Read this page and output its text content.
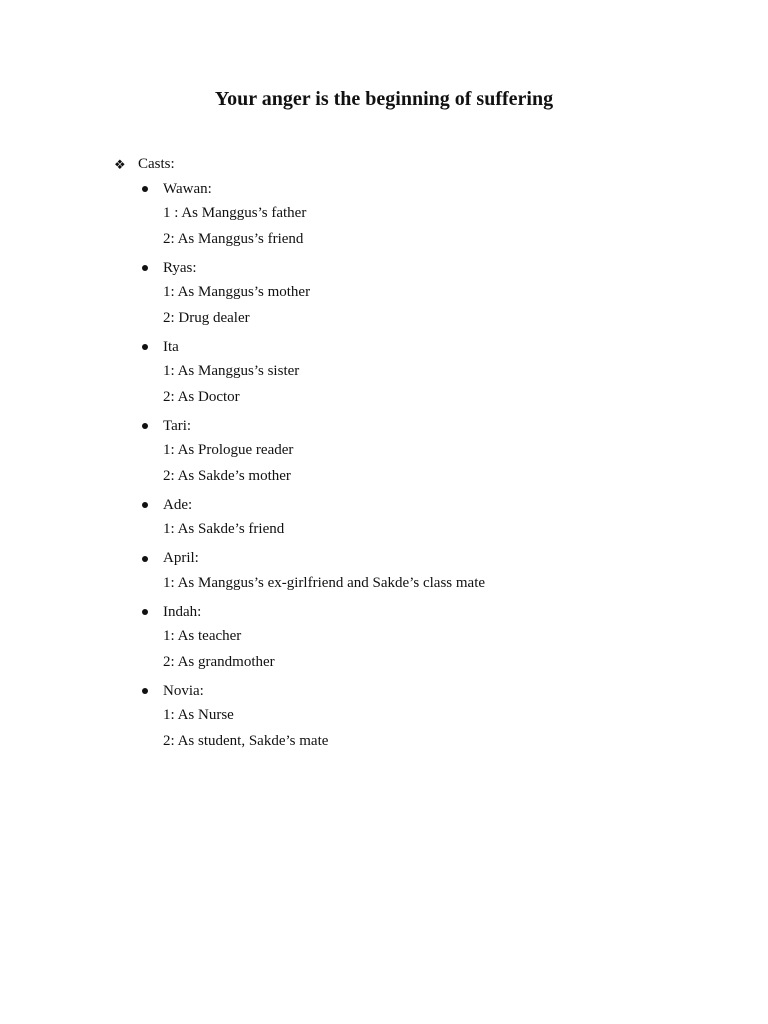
Your anger is the beginning of suffering
❖ Casts:
Wawan:
1 : As Manggus’s father
2: As Manggus’s friend
Ryas:
1: As Manggus’s mother
2: Drug dealer
Ita
1: As Manggus’s sister
2: As Doctor
Tari:
1: As Prologue reader
2: As Sakde’s mother
Ade:
1: As Sakde’s friend
April:
1: As Manggus’s ex-girlfriend and Sakde’s class mate
Indah:
1: As teacher
2: As grandmother
Novia:
1: As Nurse
2: As student, Sakde’s mate
